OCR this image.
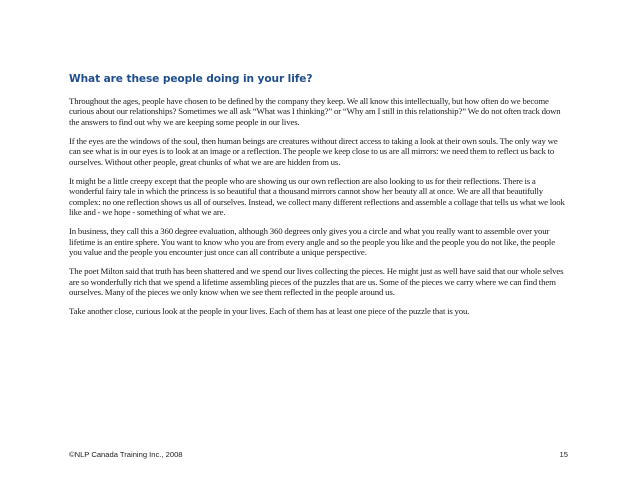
What are these people doing in your life?

Throughout the ages, people have chosen to be defined by the company they keep. We all know this intellectually, but how often do we become curious about our relationships? Sometimes we all ask “What was I thinking?” or “Why am I still in this relationship?” We do not often track down the answers to find out why we are keeping some people in our lives.

If the eyes are the windows of the soul, then human beings are creatures without direct access to taking a look at their own souls. The only way we can see what is in our eyes is to look at an image or a reflection. The people we keep close to us are all mirrors: we need them to reflect us back to ourselves. Without other people, great chunks of what we are are hidden from us.

It might be a little creepy except that the people who are showing us our own reflection are also looking to us for their reflections. There is a wonderful fairy tale in which the princess is so beautiful that a thousand mirrors cannot show her beauty all at once. We are all that beautifully complex: no one reflection shows us all of ourselves. Instead, we collect many different reflections and assemble a collage that tells us what we look like and - we hope - something of what we are.

In business, they call this a 360 degree evaluation, although 360 degrees only gives you a circle and what you really want to assemble over your lifetime is an entire sphere. You want to know who you are from every angle and so the people you like and the people you do not like, the people you value and the people you encounter just once can all contribute a unique perspective.

The poet Milton said that truth has been shattered and we spend our lives collecting the pieces. He might just as well have said that our whole selves are so wonderfully rich that we spend a lifetime assembling pieces of the puzzles that are us. Some of the pieces we carry where we can find them ourselves. Many of the pieces we only know when we see them reflected in the people around us.

Take another close, curious look at the people in your lives. Each of them has at least one piece of the puzzle that is you.

©NLP Canada Training Inc., 2008	15
